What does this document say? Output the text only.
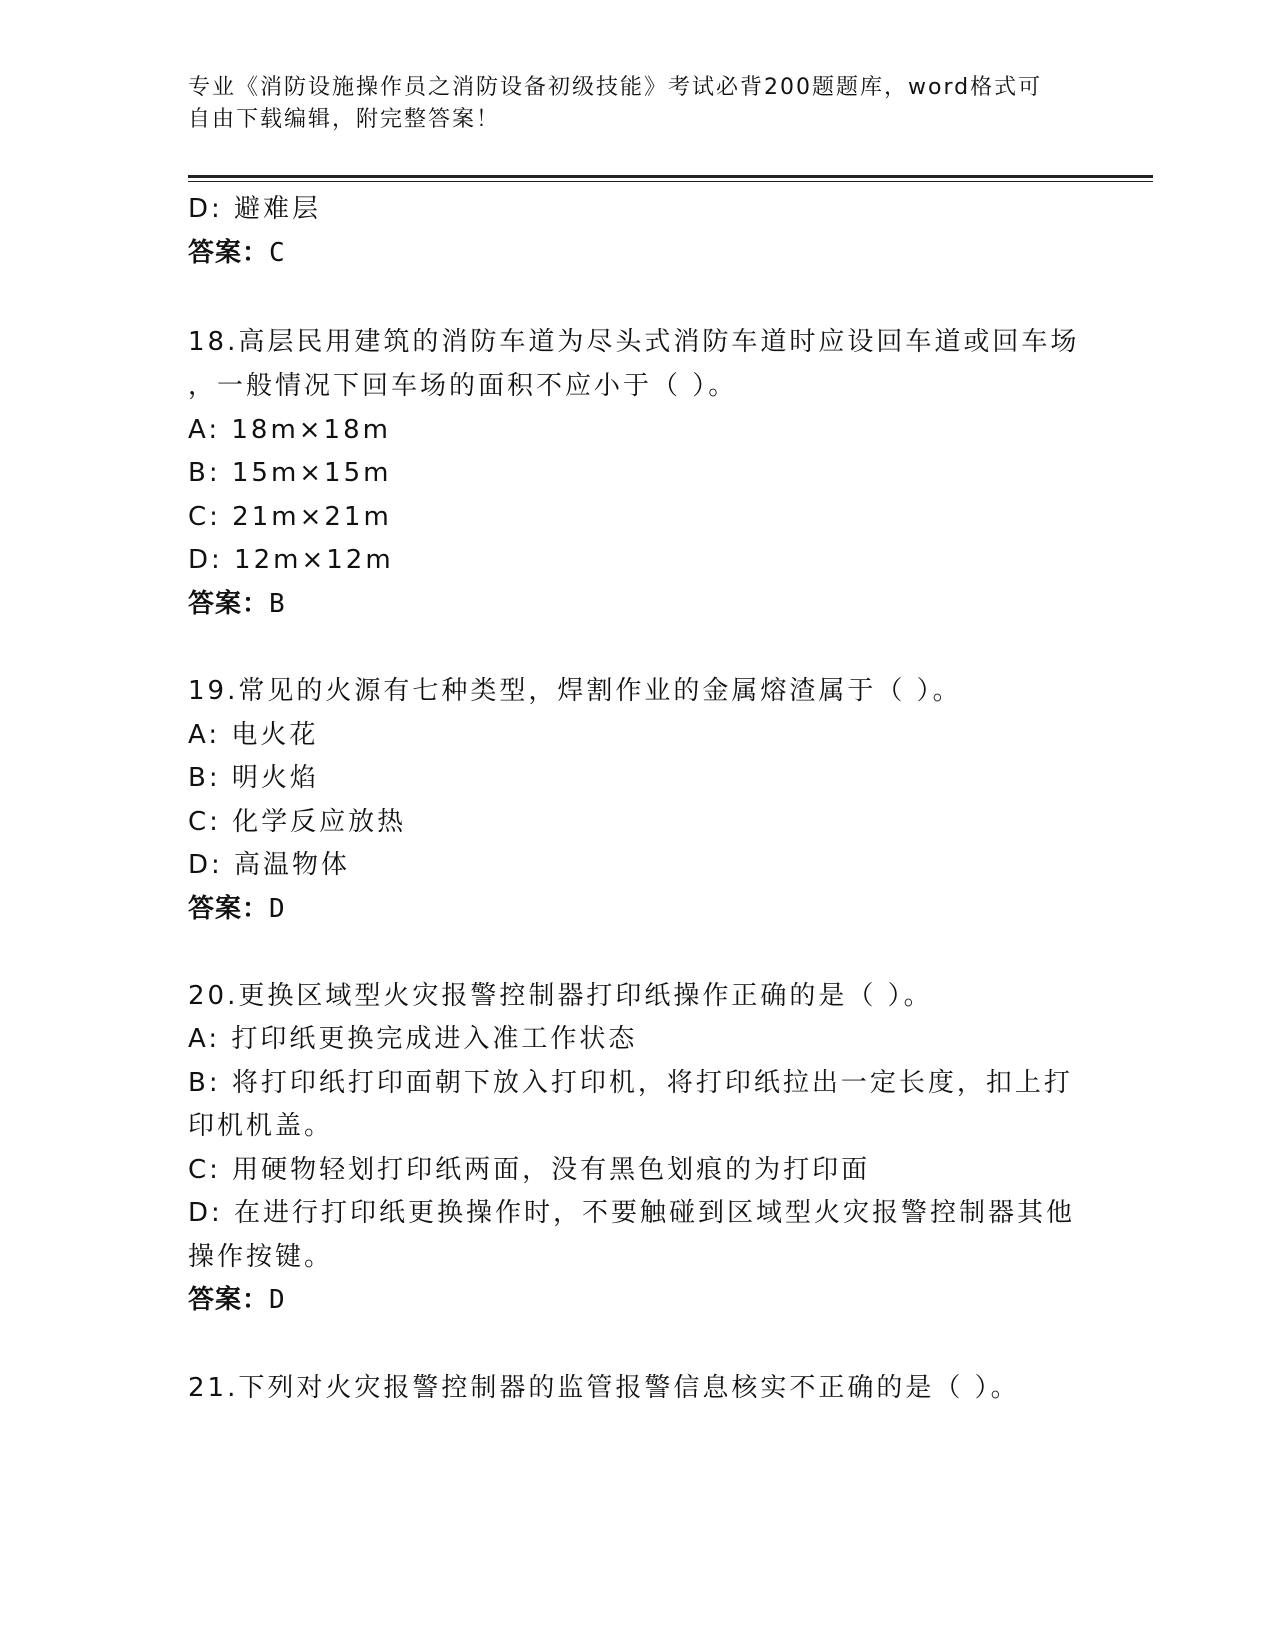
专业《消防设施操作员之消防设备初级技能》考试必背200题题库，word格式可
自由下载编辑，附完整答案！
D: 避难层
答案：C
18.高层民用建筑的消防车道为尽头式消防车道时应设回车道或回车场
，一般情况下回车场的面积不应小于（ ）。
A: 18m×18m
B: 15m×15m
C: 21m×21m
D: 12m×12m
答案：B
19.常见的火源有七种类型，焊割作业的金属熔渣属于（ ）。
A: 电火花
B: 明火焰
C: 化学反应放热
D: 高温物体
答案：D
20.更换区域型火灾报警控制器打印纸操作正确的是（ ）。
A: 打印纸更换完成进入准工作状态
B: 将打印纸打印面朝下放入打印机，将打印纸拉出一定长度，扣上打
印机机盖。
C: 用硬物轻划打印纸两面，没有黑色划痕的为打印面
D: 在进行打印纸更换操作时，不要触碰到区域型火灾报警控制器其他
操作按键。
答案：D
21.下列对火灾报警控制器的监管报警信息核实不正确的是（ ）。
